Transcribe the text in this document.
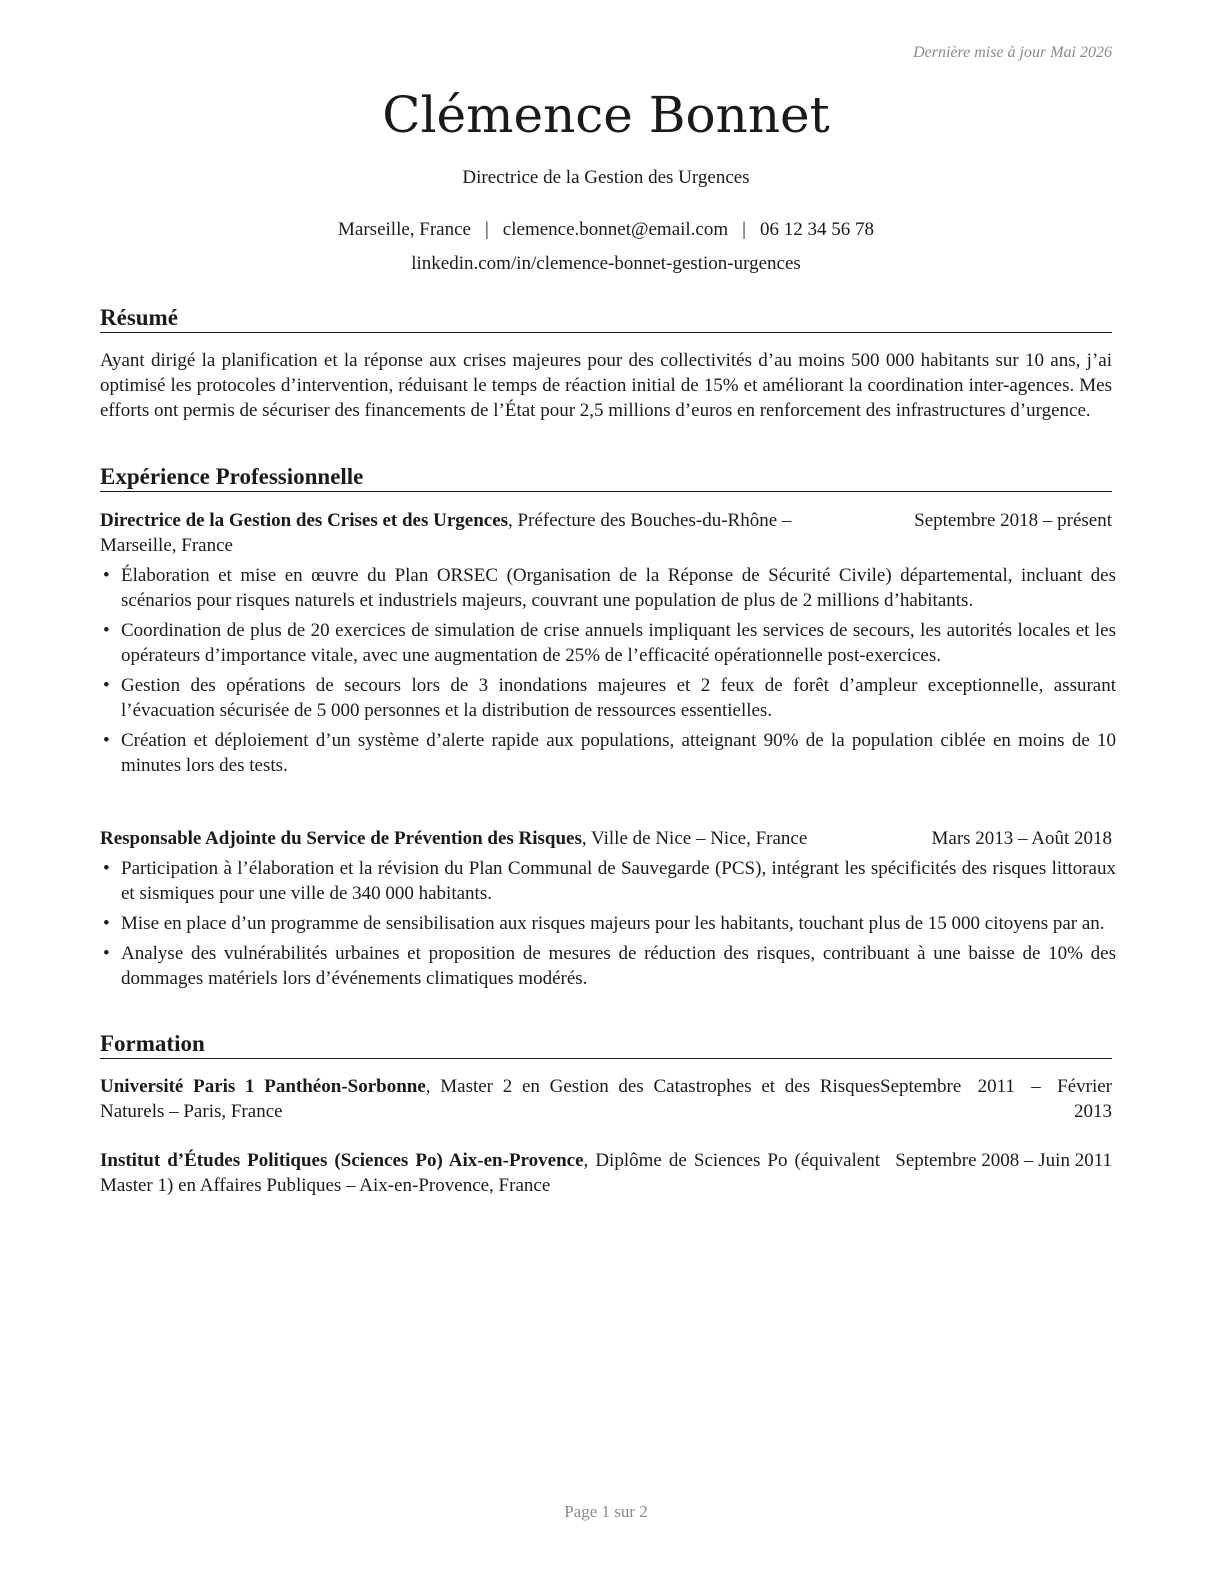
Dernière mise à jour Mai 2026
Clémence Bonnet
Directrice de la Gestion des Urgences
Marseille, France | clemence.bonnet@email.com | 06 12 34 56 78
linkedin.com/in/clemence-bonnet-gestion-urgences
Résumé
Ayant dirigé la planification et la réponse aux crises majeures pour des collectivités d’au moins 500 000 habitants sur 10 ans, j’ai optimisé les protocoles d’intervention, réduisant le temps de réaction initial de 15% et améliorant la coordination inter-agences. Mes efforts ont permis de sécuriser des financements de l’État pour 2,5 millions d’euros en renforcement des infrastructures d’urgence.
Expérience Professionnelle
Directrice de la Gestion des Crises et des Urgences, Préfecture des Bouches-du-Rhône –	Septembre 2018 – présent
Marseille, France
• Élaboration et mise en œuvre du Plan ORSEC (Organisation de la Réponse de Sécurité Civile) départemental, incluant des scénarios pour risques naturels et industriels majeurs, couvrant une population de plus de 2 millions d’habitants.
• Coordination de plus de 20 exercices de simulation de crise annuels impliquant les services de secours, les autorités locales et les opérateurs d’importance vitale, avec une augmentation de 25% de l’efficacité opérationnelle post-exercices.
• Gestion des opérations de secours lors de 3 inondations majeures et 2 feux de forêt d’ampleur exceptionnelle, assurant l’évacuation sécurisée de 5 000 personnes et la distribution de ressources essentielles.
• Création et déploiement d’un système d’alerte rapide aux populations, atteignant 90% de la population ciblée en moins de 10 minutes lors des tests.
Responsable Adjointe du Service de Prévention des Risques, Ville de Nice – Nice, France	Mars 2013 – Août 2018
• Participation à l’élaboration et la révision du Plan Communal de Sauvegarde (PCS), intégrant les spécificités des risques littoraux et sismiques pour une ville de 340 000 habitants.
• Mise en place d’un programme de sensibilisation aux risques majeurs pour les habitants, touchant plus de 15 000 citoyens par an.
• Analyse des vulnérabilités urbaines et proposition de mesures de réduction des risques, contribuant à une baisse de 10% des dommages matériels lors d’événements climatiques modérés.
Formation
Université Paris 1 Panthéon-Sorbonne, Master 2 en Gestion des Catastrophes et des Risques Naturels – Paris, France
Septembre 2011 – Février 2013
Institut d’Études Politiques (Sciences Po) Aix-en-Provence, Diplôme de Sciences Po (équivalent Master 1) en Affaires Publiques – Aix-en-Provence, France
Septembre 2008 – Juin 2011
Page 1 sur 2
